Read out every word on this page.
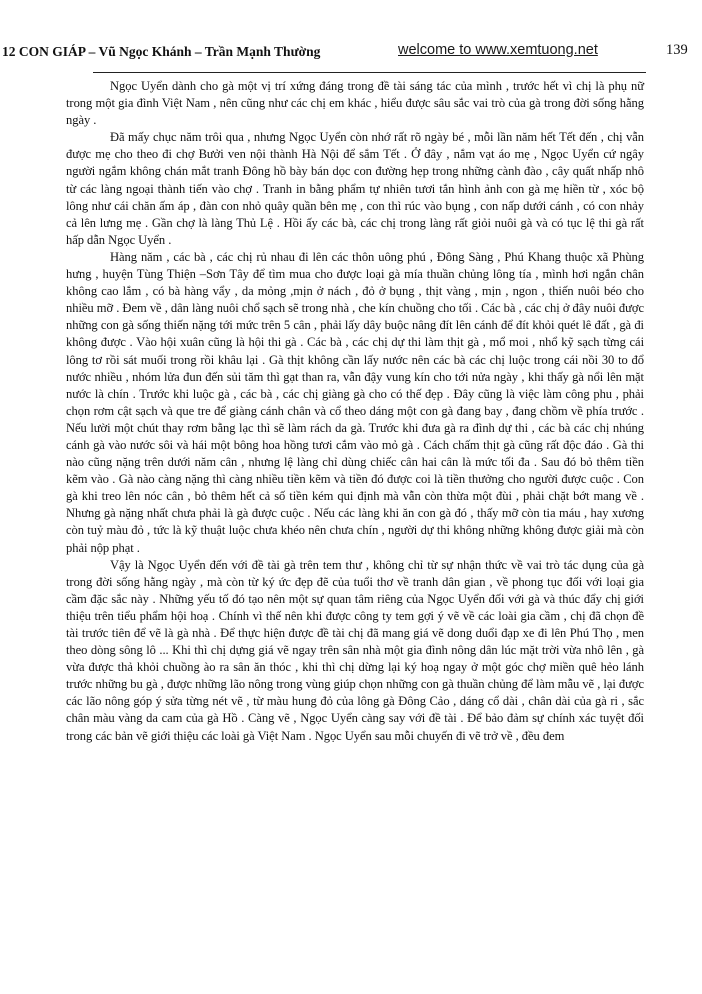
12 CON GIÁP – Vũ Ngọc Khánh – Trần Mạnh Thường	welcome to www.xemtuong.net	139

Ngọc Uyển dành cho gà một vị trí xứng đáng trong đề tài sáng tác của mình , trước hết vì chị là phụ nữ trong một gia đình Việt Nam , nên cũng như các chị em khác , hiểu được sâu sắc vai trò của gà trong đời sống hằng ngày .

Đã mấy chục năm trôi qua , nhưng Ngọc Uyển còn nhớ rất rõ ngày bé , mỗi lần năm hết Tết đến , chị vẫn được mẹ cho theo đi chợ Bưởi ven nội thành Hà Nội để sắm Tết . Ở đây , nắm vạt áo mẹ , Ngọc Uyển cứ ngây người ngắm không chán mắt tranh Đông hồ bày bán dọc con đường hẹp trong những cành đào , cây quất nhấp nhô từ các làng ngoại thành tiến vào chợ . Tranh in bằng phẩm tự nhiên tươi tắn hình ảnh con gà mẹ hiền từ , xóc bộ lông như cái chăn ấm áp , đàn con nhỏ quây quần bên mẹ , con thì rúc vào bụng , con nấp dưới cánh , có con nhảy cả lên lưng mẹ . Gần chợ là làng Thủ Lệ . Hồi ấy các bà, các chị trong làng rất giỏi nuôi gà và có tục lệ thi gà rất hấp dẫn Ngọc Uyển .

Hàng năm , các bà , các chị rủ nhau đi lên các thôn uông phú , Đông Sàng , Phú Khang thuộc xã Phùng hưng , huyện Tùng Thiện –Sơn Tây để tìm mua cho được loại gà mía thuần chủng lông tía , mình hơi ngắn chân không cao lắm , có bà hàng vẩy , da mỏng ,mịn ở nách , đỏ ở bụng , thịt vàng , mịn , ngon , thiến nuôi béo cho nhiều mỡ . Đem về , dân làng nuôi chổ sạch sẽ trong nhà , che kín chuồng cho tối . Các bà , các chị ở đây nuôi được những con gà sống thiến nặng tới mức trên 5 cân , phải lấy dây buộc nâng đít lên cánh để đít khỏi quét lê đất , gà đi không được . Vào hội xuân cũng là hội thi gà . Các bà , các chị dự thi làm thịt gà , mổ moi , nhổ kỹ sạch từng cái lông tơ rồi sát muối trong rồi khâu lại . Gà thịt không cần lấy nước nên các bà các chị luộc trong cái nồi 30 to đổ nước nhiều , nhóm lửa đun đến sủi tăm thì gạt than ra, vẫn đậy vung kín cho tới nửa ngày , khi thấy gà nổi lên mặt nước là chín . Trước khi luộc gà , các bà , các chị giàng gà cho có thế đẹp . Đây cũng là việc làm công phu , phải chọn rơm cật sạch và que tre để giàng cánh chân và cổ theo dáng một con gà đang bay , đang chồm về phía trước . Nếu lười một chút thay rơm bằng lạc thì sẽ làm rách da gà. Trước khi đưa gà ra đình dự thi , các bà các chị nhúng cánh gà vào nước sôi và hái một bông hoa hồng tươi cắm vào mỏ gà . Cách chấm thịt gà cũng rất độc đáo . Gà thi nào cũng nặng trên dưới năm cân , nhưng lệ làng chỉ dùng chiếc cân hai cân là mức tối đa . Sau đó bỏ thêm tiền kẽm vào . Gà nào càng nặng thì càng nhiều tiền kẽm và tiền đó được coi là tiền thưởng cho người được cuộc . Con gà khi treo lên nóc cân , bỏ thêm hết cả số tiền kém qui định mà vẫn còn thừa một đùi , phải chặt bớt mang về . Nhưng gà nặng nhất chưa phải là gà được cuộc . Nếu các làng khi ăn con gà đó , thấy mỡ còn tia máu , hay xương còn tuỷ màu đỏ , tức là kỹ thuật luộc chưa khéo nên chưa chín , người dự thi không những không được giải mà còn phải nộp phạt .

Vậy là Ngọc Uyển đến với đề tài gà trên tem thư , không chỉ từ sự nhận thức về vai trò tác dụng của gà trong đời sống hằng ngày , mà còn từ ký ức đẹp đẽ của tuổi thơ về tranh dân gian , về phong tục đối với loại gia cầm đặc sắc này . Những yếu tố đó tạo nên một sự quan tâm riêng của Ngọc Uyển đối với gà và thúc đẩy chị giới thiệu trên tiểu phẩm hội hoạ . Chính vì thế nên khi được công ty tem gợi ý vẽ về các loài gia cầm , chị đã chọn đề tài trước tiên để vẽ là gà nhà . Để thực hiện được đề tài chị đã mang giá vẽ dong duổi đạp xe đi lên Phú Thọ , men theo dòng sông lô ... Khi thì chị dựng giá vẽ ngay trên sân nhà một gia đình nông dân lúc mặt trời vừa nhô lên , gà vừa được thả khỏi chuồng ào ra sân ăn thóc , khi thì chị dừng lại ký hoạ ngay ở một góc chợ miền quê hẻo lánh trước những bu gà , được những lão nông trong vùng giúp chọn những con gà thuần chủng để làm mẫu vẽ , lại được các lão nông góp ý sửa từng nét vẽ , từ màu hung đỏ của lông gà Đông Cảo , dáng cổ dài , chân dài của gà ri , sắc chân màu vàng da cam của gà Hồ . Càng vẽ , Ngọc Uyển càng say với đề tài . Để bảo đảm sự chính xác tuyệt đối trong các bản vẽ giới thiệu các loài gà Việt Nam . Ngọc Uyển sau mỗi chuyến đi vẽ trở về , đều đem
